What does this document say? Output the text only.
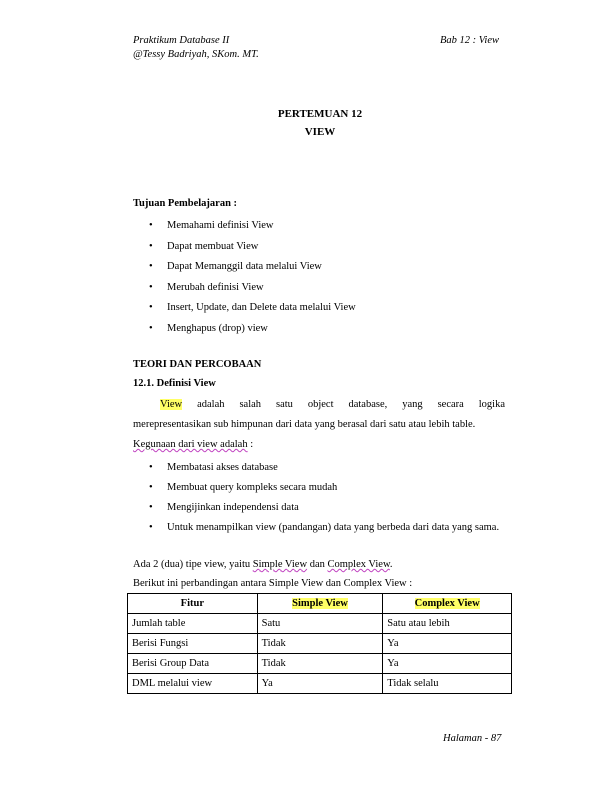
Praktikum Database II
@Tessy Badriyah, SKom. MT.
Bab 12 : View
PERTEMUAN 12
VIEW
Tujuan Pembelajaran :
• Memahami definisi View
• Dapat membuat View
• Dapat Memanggil data melalui View
• Merubah definisi View
• Insert, Update, dan Delete data melalui View
• Menghapus (drop) view
TEORI DAN PERCOBAAN
12.1. Definisi View
View adalah salah satu object database, yang secara logika
merepresentasikan sub himpunan dari data yang berasal dari satu atau lebih table.
Kegunaan dari view adalah :
• Membatasi akses database
• Membuat query kompleks secara mudah
• Mengijinkan independensi data
• Untuk menampilkan view (pandangan) data yang berbeda dari data yang sama.
Ada 2 (dua) tipe view, yaitu Simple View dan Complex View.
Berikut ini perbandingan antara Simple View dan Complex View :
Fitur	Simple View	Complex View
Jumlah table	Satu	Satu atau lebih
Berisi Fungsi	Tidak	Ya
Berisi Group Data	Tidak	Ya
DML melalui view	Ya	Tidak selalu
Halaman - 87
